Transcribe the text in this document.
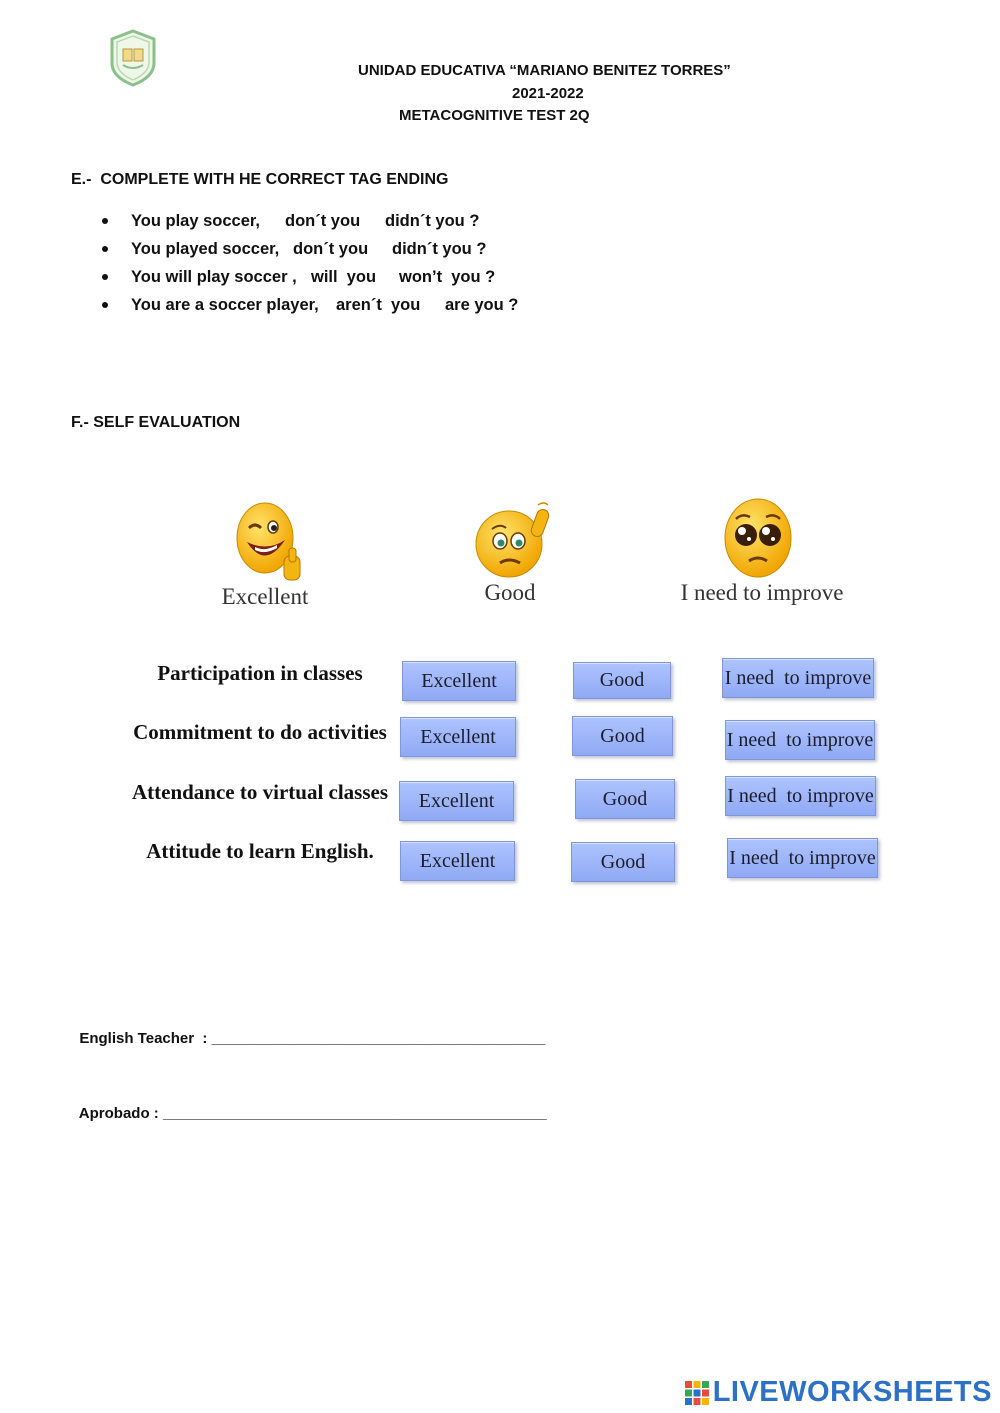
UNIDAD EDUCATIVA “MARIANO BENITEZ TORRES”
2021-2022
METACOGNITIVE TEST 2Q
E.-  COMPLETE WITH HE CORRECT TAG ENDING
You play soccer, don´t you didn´t you ?
You played soccer, don´t you didn´t you ?
You will play soccer , will  you won’t  you ?
You are a soccer player, aren´t  you are you ?
F.- SELF EVALUATION
Excellent	Good	I need to improve
Participation in classes	Excellent	Good	I need  to improve
Commitment to do activities	Excellent	Good	I need  to improve
Attendance to virtual classes	Excellent	Good	I need  to improve
Attitude to learn English.	Excellent	Good	I need  to improve

English Teacher  : ________________________________________

Aprobado : ______________________________________________

LIVEWORKSHEETS
